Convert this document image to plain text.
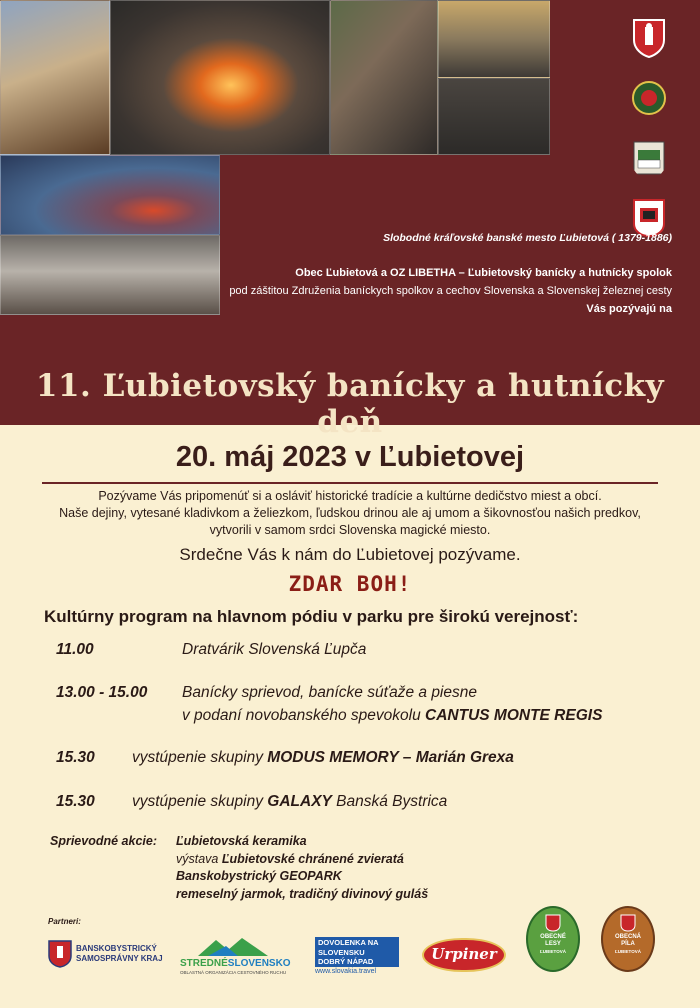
Slobodné kráľovské banské mesto Ľubietová ( 1379-1886)
Obec Ľubietová a OZ LIBETHA – Ľubietovský banícky a hutnícky spolok
pod záštitou Združenia baníckych spolkov a cechov Slovenska a Slovenskej železnej cesty
Vás pozývajú na
11. Ľubietovský banícky a hutnícky deň
20. máj 2023 v Ľubietovej
Pozývame Vás pripomenúť si a osláviť historické tradície a kultúrne dedičstvo miest a obcí.
Naše dejiny, vytesané kladivkom a želiezkom, ľudskou drinou ale aj umom a šikovnosťou našich predkov,
vytvorili v samom srdci Slovenska magické miesto.
Srdečne Vás k nám do Ľubietovej pozývame.
ZDAR BOH!
Kultúrny program na hlavnom pódiu v parku pre širokú verejnosť:
11.00	Dratvárik Slovenská Ľupča
13.00 - 15.00 Banícky sprievod, banícke súťaže a piesne
v podaní novobanského spevokolu CANTUS MONTE REGIS
15.30 vystúpenie skupiny MODUS MEMORY – Marián Grexa
15.30 vystúpenie skupiny GALAXY Banská Bystrica
Sprievodné akcie: Ľubietovská keramika
výstava Ľubietovské chránené zvieratá
Banskobystrický GEOPARK
remeselný jarmok, tradičný divinový guláš
Partneri:
BANSKOBYSTRICKÝ
SAMOSPRÁVNY KRAJ STREDNÉSLOVENSKO
OBLASTNÁ ORGANIZÁCIA CESTOVNÉHO RUCHU
DOVOLENKA NA
SLOVENSKU
DOBRÝ NÁPAD
www.slovakia.travel
Urpiner
OBECNÉ
LESY
ĽUBIETOVÁ
OBECNÁ
PÍLA
ĽUBIETOVÁ
